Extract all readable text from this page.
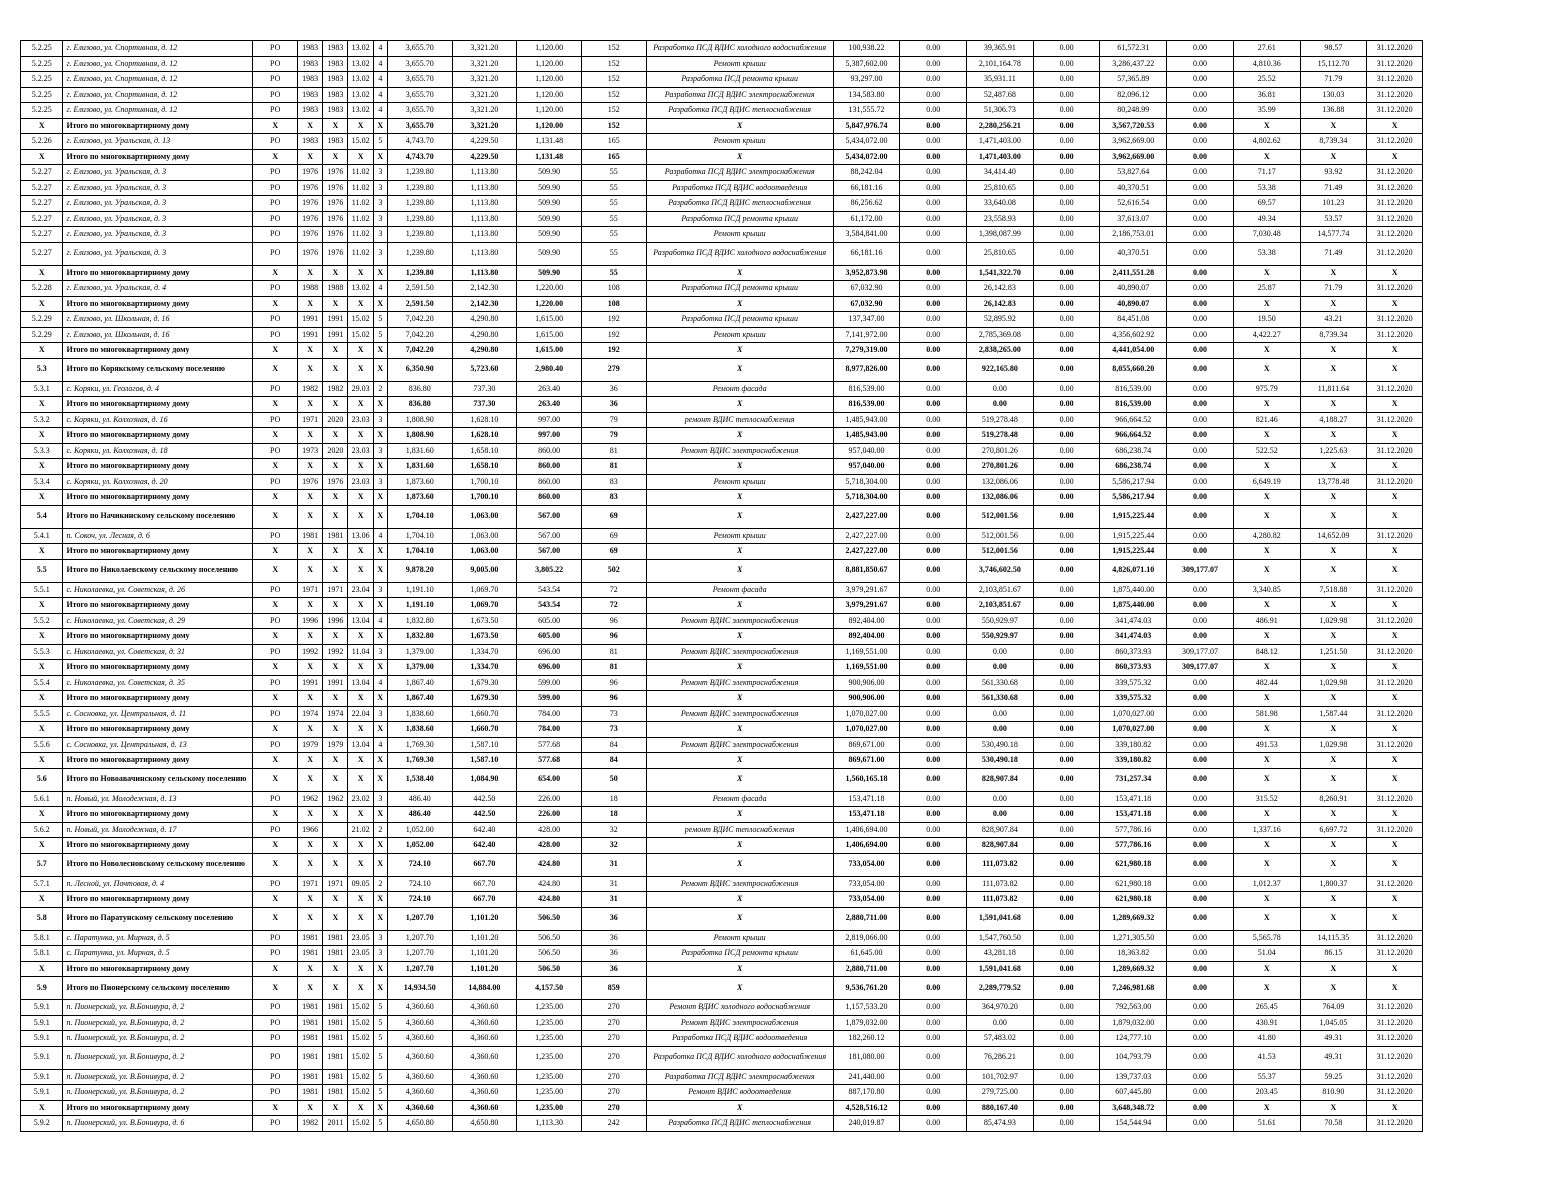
5.2.25	г. Елизово, ул. Спортивная, д. 12	РО	1983	1983	13.02	4	3,655.70	3,321.20	1,120.00	152	Разработка ПСД ВДИС холодного водоснабжения	100,938.22	0.00	39,365.91	0.00	61,572.31	0.00	27.61	98.57	31.12.2020
5.2.25	г. Елизово, ул. Спортивная, д. 12	РО	1983	1983	13.02	4	3,655.70	3,321.20	1,120.00	152	Ремонт крыши	5,387,602.00	0.00	2,101,164.78	0.00	3,286,437.22	0.00	4,810.36	15,112.70	31.12.2020
5.2.25	г. Елизово, ул. Спортивная, д. 12	РО	1983	1983	13.02	4	3,655.70	3,321.20	1,120.00	152	Разработка ПСД ремонта крыши	93,297.00	0.00	35,931.11	0.00	57,365.89	0.00	25.52	71.79	31.12.2020
5.2.25	г. Елизово, ул. Спортивная, д. 12	РО	1983	1983	13.02	4	3,655.70	3,321.20	1,120.00	152	Разработка ПСД ВДИС электроснабжения	134,583.80	0.00	52,487.68	0.00	82,096.12	0.00	36.81	130.03	31.12.2020
5.2.25	г. Елизово, ул. Спортивная, д. 12	РО	1983	1983	13.02	4	3,655.70	3,321.20	1,120.00	152	Разработка ПСД ВДИС теплоснабжения	131,555.72	0.00	51,306.73	0.00	80,248.99	0.00	35.99	136.88	31.12.2020
X	Итого по многоквартирному дому	X	X	X	X	X	3,655.70	3,321.20	1,120.00	152	X	5,847,976.74	0.00	2,280,256.21	0.00	3,567,720.53	0.00	X	X	X
5.2.26	г. Елизово, ул. Уральская, д. 13	РО	1983	1983	15.02	5	4,743.70	4,229.50	1,131.48	165	Ремонт крыши	5,434,072.00	0.00	1,471,403.00	0.00	3,962,669.00	0.00	4,802.62	8,739.34	31.12.2020
X	Итого по многоквартирному дому	X	X	X	X	X	4,743.70	4,229.50	1,131.48	165	X	5,434,072.00	0.00	1,471,403.00	0.00	3,962,669.00	0.00	X	X	X
5.2.27	г. Елизово, ул. Уральская, д. 3	РО	1976	1976	11.02	3	1,239.80	1,113.80	509.90	55	Разработка ПСД ВДИС электроснабжения	88,242.04	0.00	34,414.40	0.00	53,827.64	0.00	71.17	93.92	31.12.2020
5.2.27	г. Елизово, ул. Уральская, д. 3	РО	1976	1976	11.02	3	1,239.80	1,113.80	509.90	55	Разработка ПСД ВДИС водоотведения	66,181.16	0.00	25,810.65	0.00	40,370.51	0.00	53.38	71.49	31.12.2020
5.2.27	г. Елизово, ул. Уральская, д. 3	РО	1976	1976	11.02	3	1,239.80	1,113.80	509.90	55	Разработка ПСД ВДИС теплоснабжения	86,256.62	0.00	33,640.08	0.00	52,616.54	0.00	69.57	101.23	31.12.2020
5.2.27	г. Елизово, ул. Уральская, д. 3	РО	1976	1976	11.02	3	1,239.80	1,113.80	509.90	55	Разработка ПСД ремонта крыши	61,172.00	0.00	23,558.93	0.00	37,613.07	0.00	49.34	53.57	31.12.2020
5.2.27	г. Елизово, ул. Уральская, д. 3	РО	1976	1976	11.02	3	1,239.80	1,113.80	509.90	55	Ремонт крыши	3,584,841.00	0.00	1,398,087.99	0.00	2,186,753.01	0.00	7,030.48	14,577.74	31.12.2020
5.2.27	г. Елизово, ул. Уральская, д. 3	РО	1976	1976	11.02	3	1,239.80	1,113.80	509.90	55	Разработка ПСД ВДИС холодного водоснабжения	66,181.16	0.00	25,810.65	0.00	40,370.51	0.00	53.38	71.49	31.12.2020
X	Итого по многоквартирному дому	X	X	X	X	X	1,239.80	1,113.80	509.90	55	X	3,952,873.98	0.00	1,541,322.70	0.00	2,411,551.28	0.00	X	X	X
5.2.28	г. Елизово, ул. Уральская, д. 4	РО	1988	1988	13.02	4	2,591.50	2,142.30	1,220.00	108	Разработка ПСД ремонта крыши	67,032.90	0.00	26,142.83	0.00	40,890.07	0.00	25.87	71.79	31.12.2020
X	Итого по многоквартирному дому	X	X	X	X	X	2,591.50	2,142.30	1,220.00	108	X	67,032.90	0.00	26,142.83	0.00	40,890.07	0.00	X	X	X
5.2.29	г. Елизово, ул. Школьная, д. 16	РО	1991	1991	15.02	5	7,042.20	4,290.80	1,615.00	192	Разработка ПСД ремонта крыши	137,347.00	0.00	52,895.92	0.00	84,451.08	0.00	19.50	43.21	31.12.2020
5.2.29	г. Елизово, ул. Школьная, д. 16	РО	1991	1991	15.02	5	7,042.20	4,290.80	1,615.00	192	Ремонт крыши	7,141,972.00	0.00	2,785,369.08	0.00	4,356,602.92	0.00	4,422.27	8,739.34	31.12.2020
X	Итого по многоквартирному дому	X	X	X	X	X	7,042.20	4,290.80	1,615.00	192	X	7,279,319.00	0.00	2,838,265.00	0.00	4,441,054.00	0.00	X	X	X
5.3	Итого по Корякскому сельскому поселению	X	X	X	X	X	6,350.90	5,723.60	2,980.40	279	X	8,977,826.00	0.00	922,165.80	0.00	8,055,660.20	0.00	X	X	X
5.3.1	с. Коряки, ул. Геологов, д. 4	РО	1982	1982	29.03	2	836.80	737.30	263.40	36	Ремонт фасада	816,539.00	0.00	0.00	0.00	816,539.00	0.00	975.79	11,811.64	31.12.2020
X	Итого по многоквартирному дому	X	X	X	X	X	836.80	737.30	263.40	36	X	816,539.00	0.00	0.00	0.00	816,539.00	0.00	X	X	X
5.3.2	с. Коряки, ул. Колхозная, д. 16	РО	1971	2020	23.03	3	1,808.90	1,628.10	997.00	79	ремонт ВДИС теплоснабжения	1,485,943.00	0.00	519,278.48	0.00	966,664.52	0.00	821.46	4,188.27	31.12.2020
X	Итого по многоквартирному дому	X	X	X	X	X	1,808.90	1,628.10	997.00	79	X	1,485,943.00	0.00	519,278.48	0.00	966,664.52	0.00	X	X	X
5.3.3	с. Коряки, ул. Колхозная, д. 18	РО	1973	2020	23.03	3	1,831.60	1,658.10	860.00	81	Ремонт ВДИС электроснабжения	957,040.00	0.00	270,801.26	0.00	686,238.74	0.00	522.52	1,225.63	31.12.2020
X	Итого по многоквартирному дому	X	X	X	X	X	1,831.60	1,658.10	860.00	81	X	957,040.00	0.00	270,801.26	0.00	686,238.74	0.00	X	X	X
5.3.4	с. Коряки, ул. Колхозная, д. 20	РО	1976	1976	23.03	3	1,873.60	1,700.10	860.00	83	Ремонт крыши	5,718,304.00	0.00	132,086.06	0.00	5,586,217.94	0.00	6,649.19	13,778.48	31.12.2020
X	Итого по многоквартирному дому	X	X	X	X	X	1,873.60	1,700.10	860.00	83	X	5,718,304.00	0.00	132,086.06	0.00	5,586,217.94	0.00	X	X	X
5.4	Итого по Начикинскому сельскому поселению	X	X	X	X	X	1,704.10	1,063.00	567.00	69	X	2,427,227.00	0.00	512,001.56	0.00	1,915,225.44	0.00	X	X	X
5.4.1	п. Сокоч, ул. Лесная, д. 6	РО	1981	1981	13.06	4	1,704.10	1,063.00	567.00	69	Ремонт крыши	2,427,227.00	0.00	512,001.56	0.00	1,915,225.44	0.00	4,280.82	14,652.09	31.12.2020
X	Итого по многоквартирному дому	X	X	X	X	X	1,704.10	1,063.00	567.00	69	X	2,427,227.00	0.00	512,001.56	0.00	1,915,225.44	0.00	X	X	X
5.5	Итого по Николаевскому сельскому поселению	X	X	X	X	X	9,878.20	9,005.00	3,805.22	502	X	8,881,850.67	0.00	3,746,602.50	0.00	4,826,071.10	309,177.07	X	X	X
5.5.1	с. Николаевка, ул. Советская, д. 26	РО	1971	1971	23.04	3	1,191.10	1,069.70	543.54	72	Ремонт фасада	3,979,291.67	0.00	2,103,851.67	0.00	1,875,440.00	0.00	3,340.85	7,518.88	31.12.2020
X	Итого по многоквартирному дому	X	X	X	X	X	1,191.10	1,069.70	543.54	72	X	3,979,291.67	0.00	2,103,851.67	0.00	1,875,440.00	0.00	X	X	X
5.5.2	с. Николаевка, ул. Советская, д. 29	РО	1996	1996	13.04	4	1,832.80	1,673.50	605.00	96	Ремонт ВДИС электроснабжения	892,404.00	0.00	550,929.97	0.00	341,474.03	0.00	486.91	1,029.98	31.12.2020
X	Итого по многоквартирному дому	X	X	X	X	X	1,832.80	1,673.50	605.00	96	X	892,404.00	0.00	550,929.97	0.00	341,474.03	0.00	X	X	X
5.5.3	с. Николаевка, ул. Советская, д. 31	РО	1992	1992	11.04	3	1,379.00	1,334.70	696.00	81	Ремонт ВДИС электроснабжения	1,169,551.00	0.00	0.00	0.00	860,373.93	309,177.07	848.12	1,251.50	31.12.2020
X	Итого по многоквартирному дому	X	X	X	X	X	1,379.00	1,334.70	696.00	81	X	1,169,551.00	0.00	0.00	0.00	860,373.93	309,177.07	X	X	X
5.5.4	с. Николаевка, ул. Советская, д. 35	РО	1991	1991	13.04	4	1,867.40	1,679.30	599.00	96	Ремонт ВДИС электроснабжения	900,906.00	0.00	561,330.68	0.00	339,575.32	0.00	482.44	1,029.98	31.12.2020
X	Итого по многоквартирному дому	X	X	X	X	X	1,867.40	1,679.30	599.00	96	X	900,906.00	0.00	561,330.68	0.00	339,575.32	0.00	X	X	X
5.5.5	с. Сосновка, ул. Центральная, д. 11	РО	1974	1974	22.04	3	1,838.60	1,660.70	784.00	73	Ремонт ВДИС электроснабжения	1,070,027.00	0.00	0.00	0.00	1,070,027.00	0.00	581.98	1,587.44	31.12.2020
X	Итого по многоквартирному дому	X	X	X	X	X	1,838.60	1,660.70	784.00	73	X	1,070,027.00	0.00	0.00	0.00	1,070,027.00	0.00	X	X	X
5.5.6	с. Сосновка, ул. Центральная, д. 13	РО	1979	1979	13.04	4	1,769.30	1,587.10	577.68	84	Ремонт ВДИС электроснабжения	869,671.00	0.00	530,490.18	0.00	339,180.82	0.00	491.53	1,029.98	31.12.2020
X	Итого по многоквартирному дому	X	X	X	X	X	1,769.30	1,587.10	577.68	84	X	869,671.00	0.00	530,490.18	0.00	339,180.82	0.00	X	X	X
5.6	Итого по Новоавачинскому сельскому поселению	X	X	X	X	X	1,538.40	1,084.90	654.00	50	X	1,560,165.18	0.00	828,907.84	0.00	731,257.34	0.00	X	X	X
5.6.1	п. Новый, ул. Молодежная, д. 13	РО	1962	1962	23.02	3	486.40	442.50	226.00	18	Ремонт фасада	153,471.18	0.00	0.00	0.00	153,471.18	0.00	315.52	8,260.91	31.12.2020
X	Итого по многоквартирному дому	X	X	X	X	X	486.40	442.50	226.00	18	X	153,471.18	0.00	0.00	0.00	153,471.18	0.00	X	X	X
5.6.2	п. Новый, ул. Молодежная, д. 17	РО	1966		21.02	2	1,052.00	642.40	428.00	32	ремонт ВДИС теплоснабжения	1,406,694.00	0.00	828,907.84	0.00	577,786.16	0.00	1,337.16	6,697.72	31.12.2020
X	Итого по многоквартирному дому	X	X	X	X	X	1,052.00	642.40	428.00	32	X	1,406,694.00	0.00	828,907.84	0.00	577,786.16	0.00	X	X	X
5.7	Итого по Новолесновскому сельскому поселению	X	X	X	X	X	724.10	667.70	424.80	31	X	733,054.00	0.00	111,073.82	0.00	621,980.18	0.00	X	X	X
5.7.1	п. Лесной, ул. Почтовая, д. 4	РО	1971	1971	09.05	2	724.10	667.70	424.80	31	Ремонт ВДИС электроснабжения	733,054.00	0.00	111,073.82	0.00	621,980.18	0.00	1,012.37	1,800.37	31.12.2020
X	Итого по многоквартирному дому	X	X	X	X	X	724.10	667.70	424.80	31	X	733,054.00	0.00	111,073.82	0.00	621,980.18	0.00	X	X	X
5.8	Итого по Паратунскому сельскому поселению	X	X	X	X	X	1,207.70	1,101.20	506.50	36	X	2,880,711.00	0.00	1,591,041.68	0.00	1,289,669.32	0.00	X	X	X
5.8.1	с. Паратунка, ул. Мирная, д. 5	РО	1981	1981	23.05	3	1,207.70	1,101.20	506.50	36	Ремонт крыши	2,819,066.00	0.00	1,547,760.50	0.00	1,271,305.50	0.00	5,565.78	14,115.35	31.12.2020
5.8.1	с. Паратунка, ул. Мирная, д. 5	РО	1981	1981	23.05	3	1,207.70	1,101.20	506.50	36	Разработка ПСД ремонта крыши	61,645.00	0.00	43,281.18	0.00	18,363.82	0.00	51.04	86.15	31.12.2020
X	Итого по многоквартирному дому	X	X	X	X	X	1,207.70	1,101.20	506.50	36	X	2,880,711.00	0.00	1,591,041.68	0.00	1,289,669.32	0.00	X	X	X
5.9	Итого по Пионерскому сельскому поселению	X	X	X	X	X	14,934.50	14,884.00	4,157.50	859	X	9,536,761.20	0.00	2,289,779.52	0.00	7,246,981.68	0.00	X	X	X
5.9.1	п. Пионерский, ул. В.Бонивура, д. 2	РО	1981	1981	15.02	5	4,360.60	4,360.60	1,235.00	270	Ремонт ВДИС холодного водоснабжения	1,157,533.20	0.00	364,970.20	0.00	792,563.00	0.00	265.45	764.09	31.12.2020
5.9.1	п. Пионерский, ул. В.Бонивура, д. 2	РО	1981	1981	15.02	5	4,360.60	4,360.60	1,235.00	270	Ремонт ВДИС электроснабжения	1,879,032.00	0.00	0.00	0.00	1,879,032.00	0.00	430.91	1,045.05	31.12.2020
5.9.1	п. Пионерский, ул. В.Бонивура, д. 2	РО	1981	1981	15.02	5	4,360.60	4,360.60	1,235.00	270	Разработка ПСД ВДИС водоотведения	182,260.12	0.00	57,483.02	0.00	124,777.10	0.00	41.80	49.31	31.12.2020
5.9.1	п. Пионерский, ул. В.Бонивура, д. 2	РО	1981	1981	15.02	5	4,360.60	4,360.60	1,235.00	270	Разработка ПСД ВДИС холодного водоснабжения	181,080.00	0.00	76,286.21	0.00	104,793.79	0.00	41.53	49.31	31.12.2020
5.9.1	п. Пионерский, ул. В.Бонивура, д. 2	РО	1981	1981	15.02	5	4,360.60	4,360.60	1,235.00	270	Разработка ПСД ВДИС электроснабжения	241,440.00	0.00	101,702.97	0.00	139,737.03	0.00	55.37	59.25	31.12.2020
5.9.1	п. Пионерский, ул. В.Бонивура, д. 2	РО	1981	1981	15.02	5	4,360.60	4,360.60	1,235.00	270	Ремонт ВДИС водоотведения	887,170.80	0.00	279,725.00	0.00	607,445.80	0.00	203.45	810.90	31.12.2020
X	Итого по многоквартирному дому	X	X	X	X	X	4,360.60	4,360.60	1,235.00	270	X	4,528,516.12	0.00	880,167.40	0.00	3,648,348.72	0.00	X	X	X
5.9.2	п. Пионерский, ул. В.Бонивура, д. 6	РО	1982	2011	15.02	5	4,650.80	4,650.80	1,113.30	242	Разработка ПСД ВДИС теплоснабжения	240,019.87	0.00	85,474.93	0.00	154,544.94	0.00	51.61	70.58	31.12.2020
